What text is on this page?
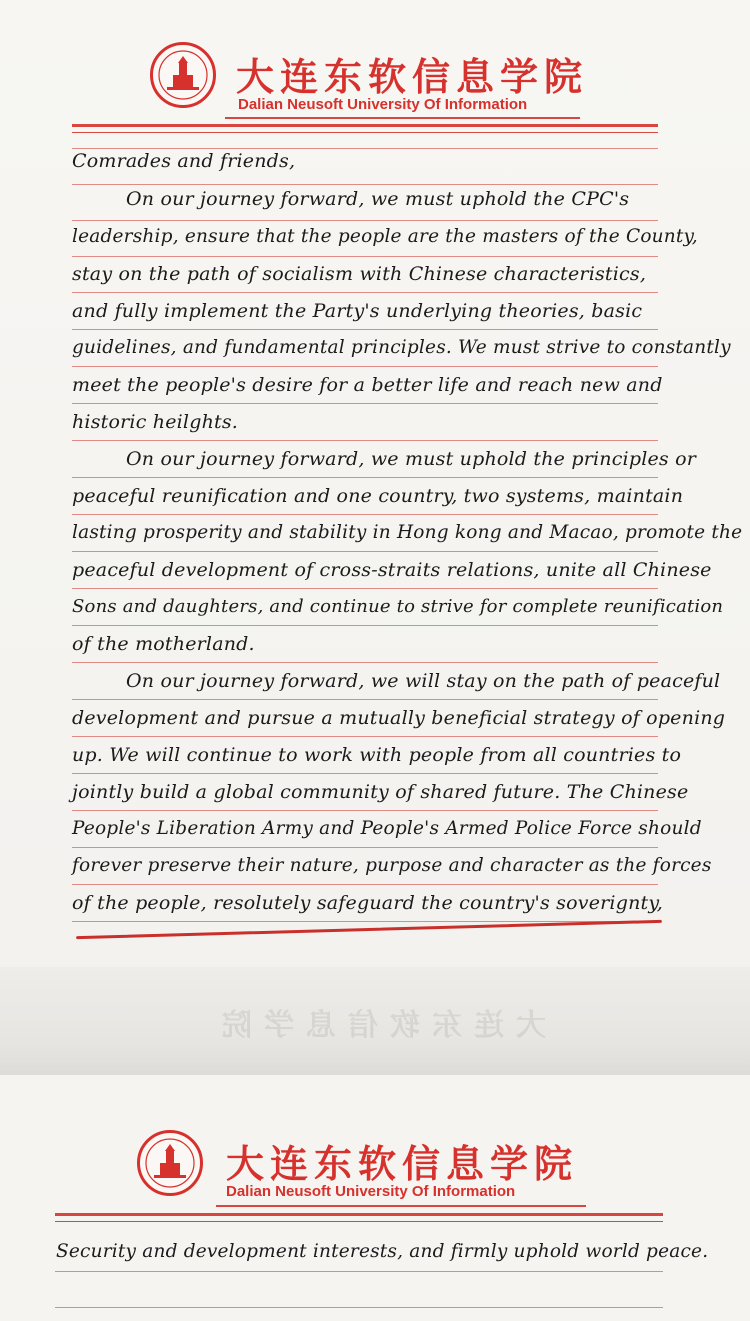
大连东软信息学院
Dalian Neusoft University Of Information
Comrades and friends,
On our journey forward, we must uphold the CPC's
leadership, ensure that the people are the masters of the County,
stay on the path of socialism with Chinese characteristics,
and fully implement the Party's underlying theories, basic
guidelines, and fundamental principles. We must strive to constantly
meet the people's desire for a better life and reach new and
historic heilghts.
On our journey forward, we must uphold the principles or
peaceful reunification and one country, two systems, maintain
lasting prosperity and stability in Hong kong and Macao, promote the
peaceful development of cross-straits relations, unite all Chinese
Sons and daughters, and continue to strive for complete reunification
of the motherland.
On our journey forward, we will stay on the path of peaceful
development and pursue a mutually beneficial strategy of opening
up. We will continue to work with people from all countries to
jointly build a global community of shared future. The Chinese
People's Liberation Army and People's Armed Police Force should
forever preserve their nature, purpose and character as the forces
of the people, resolutely safeguard the country's soverignty,
大连东软信息学院
大连东软信息学院
Dalian Neusoft University Of Information
Security and development interests, and firmly uphold world peace.
